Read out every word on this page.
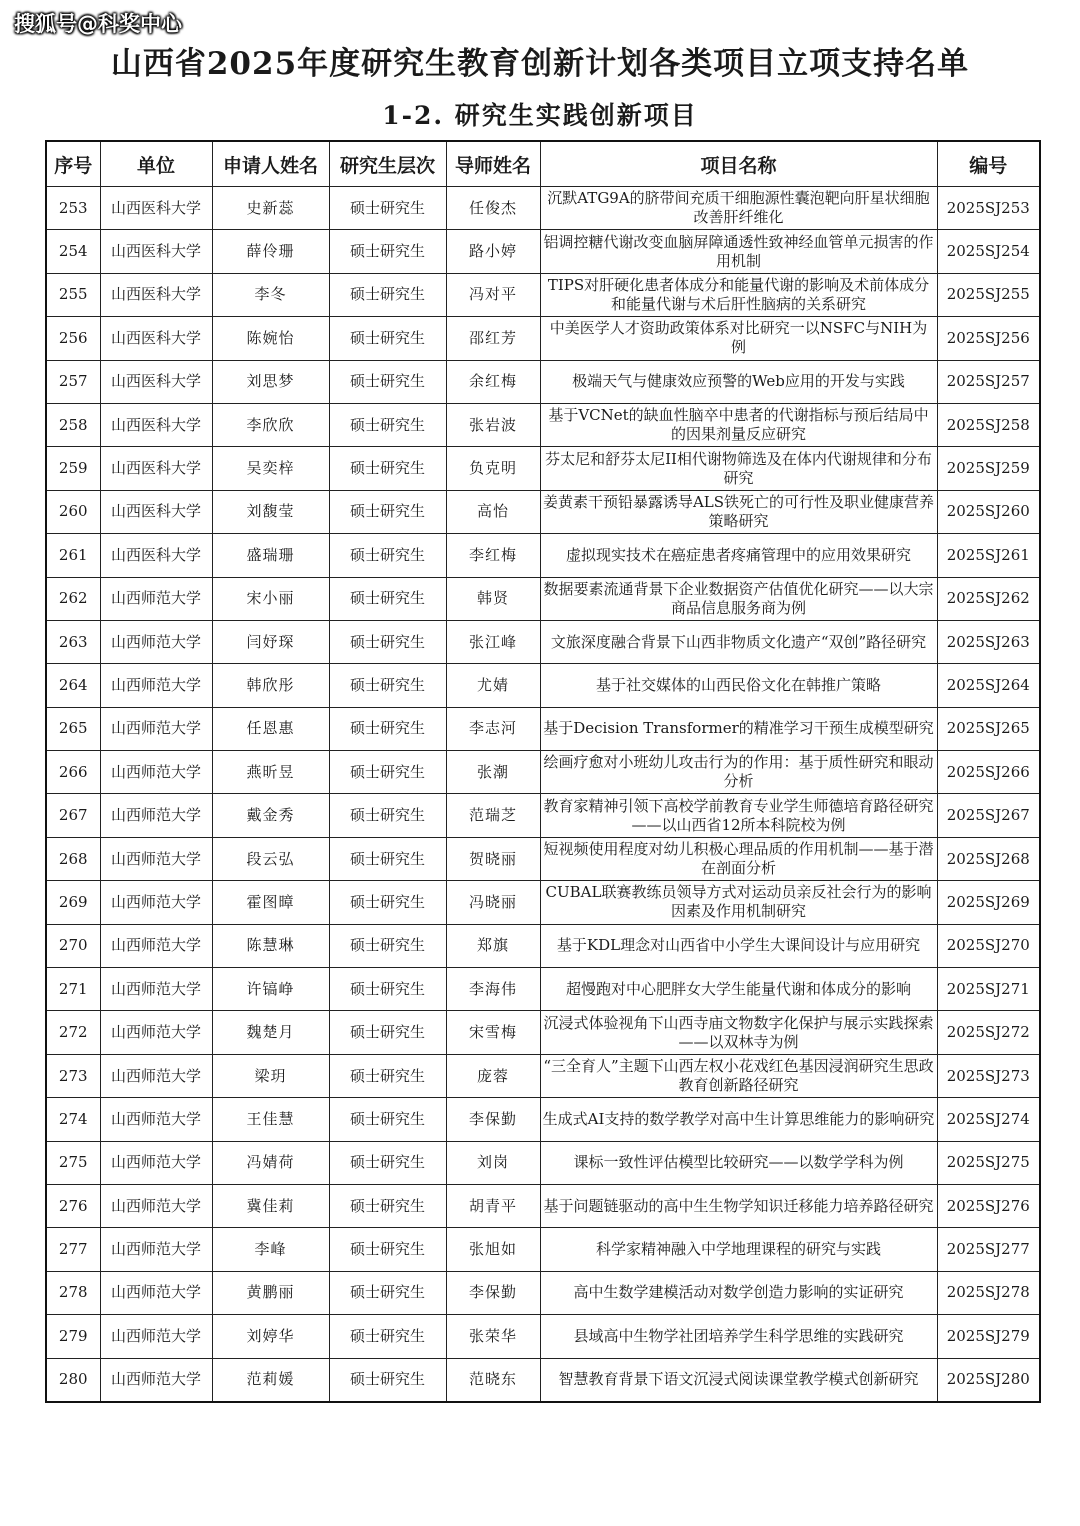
搜狐号@科奖中心
山西省2025年度研究生教育创新计划各类项目立项支持名单
1-2. 研究生实践创新项目
序号	单位	申请人姓名	研究生层次	导师姓名	项目名称	编号
253	山西医科大学	史新蕊	硕士研究生	任俊杰	沉默ATG9A的脐带间充质干细胞源性囊泡靶向肝星状细胞改善肝纤维化	2025SJ253
254	山西医科大学	薛伶珊	硕士研究生	路小婷	铝调控糖代谢改变血脑屏障通透性致神经血管单元损害的作用机制	2025SJ254
255	山西医科大学	李冬	硕士研究生	冯对平	TIPS对肝硬化患者体成分和能量代谢的影响及术前体成分和能量代谢与术后肝性脑病的关系研究	2025SJ255
256	山西医科大学	陈婉怡	硕士研究生	邵红芳	中美医学人才资助政策体系对比研究一以NSFC与NIH为例	2025SJ256
257	山西医科大学	刘思梦	硕士研究生	余红梅	极端天气与健康效应预警的Web应用的开发与实践	2025SJ257
258	山西医科大学	李欣欣	硕士研究生	张岩波	基于VCNet的缺血性脑卒中患者的代谢指标与预后结局中的因果剂量反应研究	2025SJ258
259	山西医科大学	吴奕梓	硕士研究生	负克明	芬太尼和舒芬太尼II相代谢物筛选及在体内代谢规律和分布研究	2025SJ259
260	山西医科大学	刘馥莹	硕士研究生	高怡	姜黄素干预铅暴露诱导ALS铁死亡的可行性及职业健康营养策略研究	2025SJ260
261	山西医科大学	盛瑞珊	硕士研究生	李红梅	虚拟现实技术在癌症患者疼痛管理中的应用效果研究	2025SJ261
262	山西师范大学	宋小丽	硕士研究生	韩贤	数据要素流通背景下企业数据资产估值优化研究——以大宗商品信息服务商为例	2025SJ262
263	山西师范大学	闫妤琛	硕士研究生	张江峰	文旅深度融合背景下山西非物质文化遗产“双创”路径研究	2025SJ263
264	山西师范大学	韩欣彤	硕士研究生	尤婧	基于社交媒体的山西民俗文化在韩推广策略	2025SJ264
265	山西师范大学	任恩惠	硕士研究生	李志河	基于Decision Transformer的精准学习干预生成模型研究	2025SJ265
266	山西师范大学	燕昕昱	硕士研究生	张潮	绘画疗愈对小班幼儿攻击行为的作用：基于质性研究和眼动分析	2025SJ266
267	山西师范大学	戴金秀	硕士研究生	范瑞芝	教育家精神引领下高校学前教育专业学生师德培育路径研究 ——以山西省12所本科院校为例	2025SJ267
268	山西师范大学	段云弘	硕士研究生	贺晓丽	短视频使用程度对幼儿积极心理品质的作用机制——基于潜在剖面分析	2025SJ268
269	山西师范大学	霍图暲	硕士研究生	冯晓丽	CUBAL联赛教练员领导方式对运动员亲反社会行为的影响因素及作用机制研究	2025SJ269
270	山西师范大学	陈慧琳	硕士研究生	郑旗	基于KDL理念对山西省中小学生大课间设计与应用研究	2025SJ270
271	山西师范大学	许镐峥	硕士研究生	李海伟	超慢跑对中心肥胖女大学生能量代谢和体成分的影响	2025SJ271
272	山西师范大学	魏楚月	硕士研究生	宋雪梅	沉浸式体验视角下山西寺庙文物数字化保护与展示实践探索——以双林寺为例	2025SJ272
273	山西师范大学	梁玥	硕士研究生	庞蓉	“三全育人”主题下山西左权小花戏红色基因浸润研究生思政教育创新路径研究	2025SJ273
274	山西师范大学	王佳慧	硕士研究生	李保勤	生成式AI支持的数学教学对高中生计算思维能力的影响研究	2025SJ274
275	山西师范大学	冯婧荷	硕士研究生	刘岗	课标一致性评估模型比较研究——以数学学科为例	2025SJ275
276	山西师范大学	冀佳莉	硕士研究生	胡青平	基于问题链驱动的高中生生物学知识迁移能力培养路径研究	2025SJ276
277	山西师范大学	李峰	硕士研究生	张旭如	科学家精神融入中学地理课程的研究与实践	2025SJ277
278	山西师范大学	黄鹏丽	硕士研究生	李保勤	高中生数学建模活动对数学创造力影响的实证研究	2025SJ278
279	山西师范大学	刘婷华	硕士研究生	张荣华	县域高中生物学社团培养学生科学思维的实践研究	2025SJ279
280	山西师范大学	范莉媛	硕士研究生	范晓东	智慧教育背景下语文沉浸式阅读课堂教学模式创新研究	2025SJ280
